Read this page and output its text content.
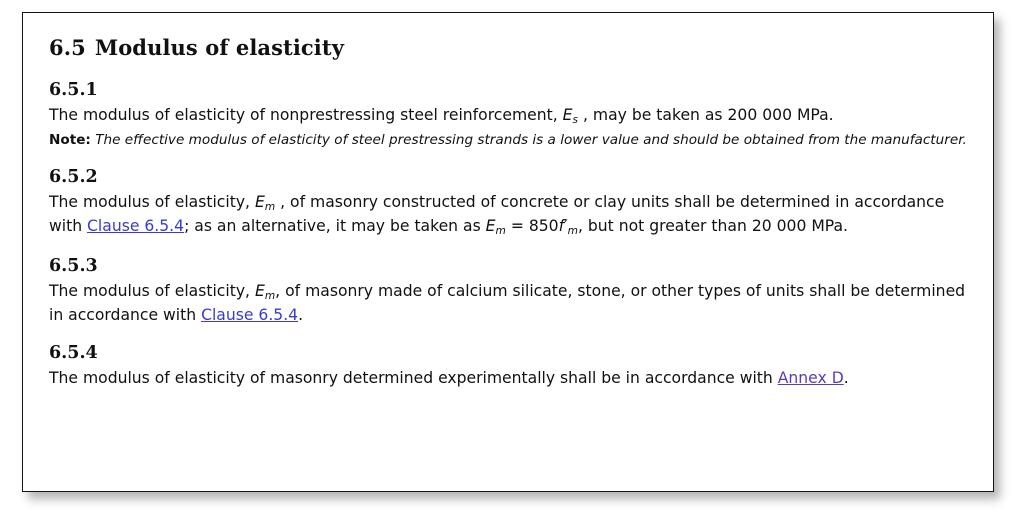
6.5 Modulus of elasticity
6.5.1

The modulus of elasticity of nonprestressing steel reinforcement, $E_s$ , may be taken as 200 000 MPa.

Note: The effective modulus of elasticity of steel prestressing strands is a lower value and should be obtained from the manufacturer.

6.5.2

The modulus of elasticity, $E_m$ , of masonry constructed of concrete or clay units shall be determined in accordance with Clause 6.5.4; as an alternative, it may be taken as $E_m = 850f'_m$, but not greater than 20 000 MPa.

6.5.3

The modulus of elasticity, $E_m$, of masonry made of calcium silicate, stone, or other types of units shall be determined in accordance with Clause 6.5.4.

6.5.4

The modulus of elasticity of masonry determined experimentally shall be in accordance with Annex D.
